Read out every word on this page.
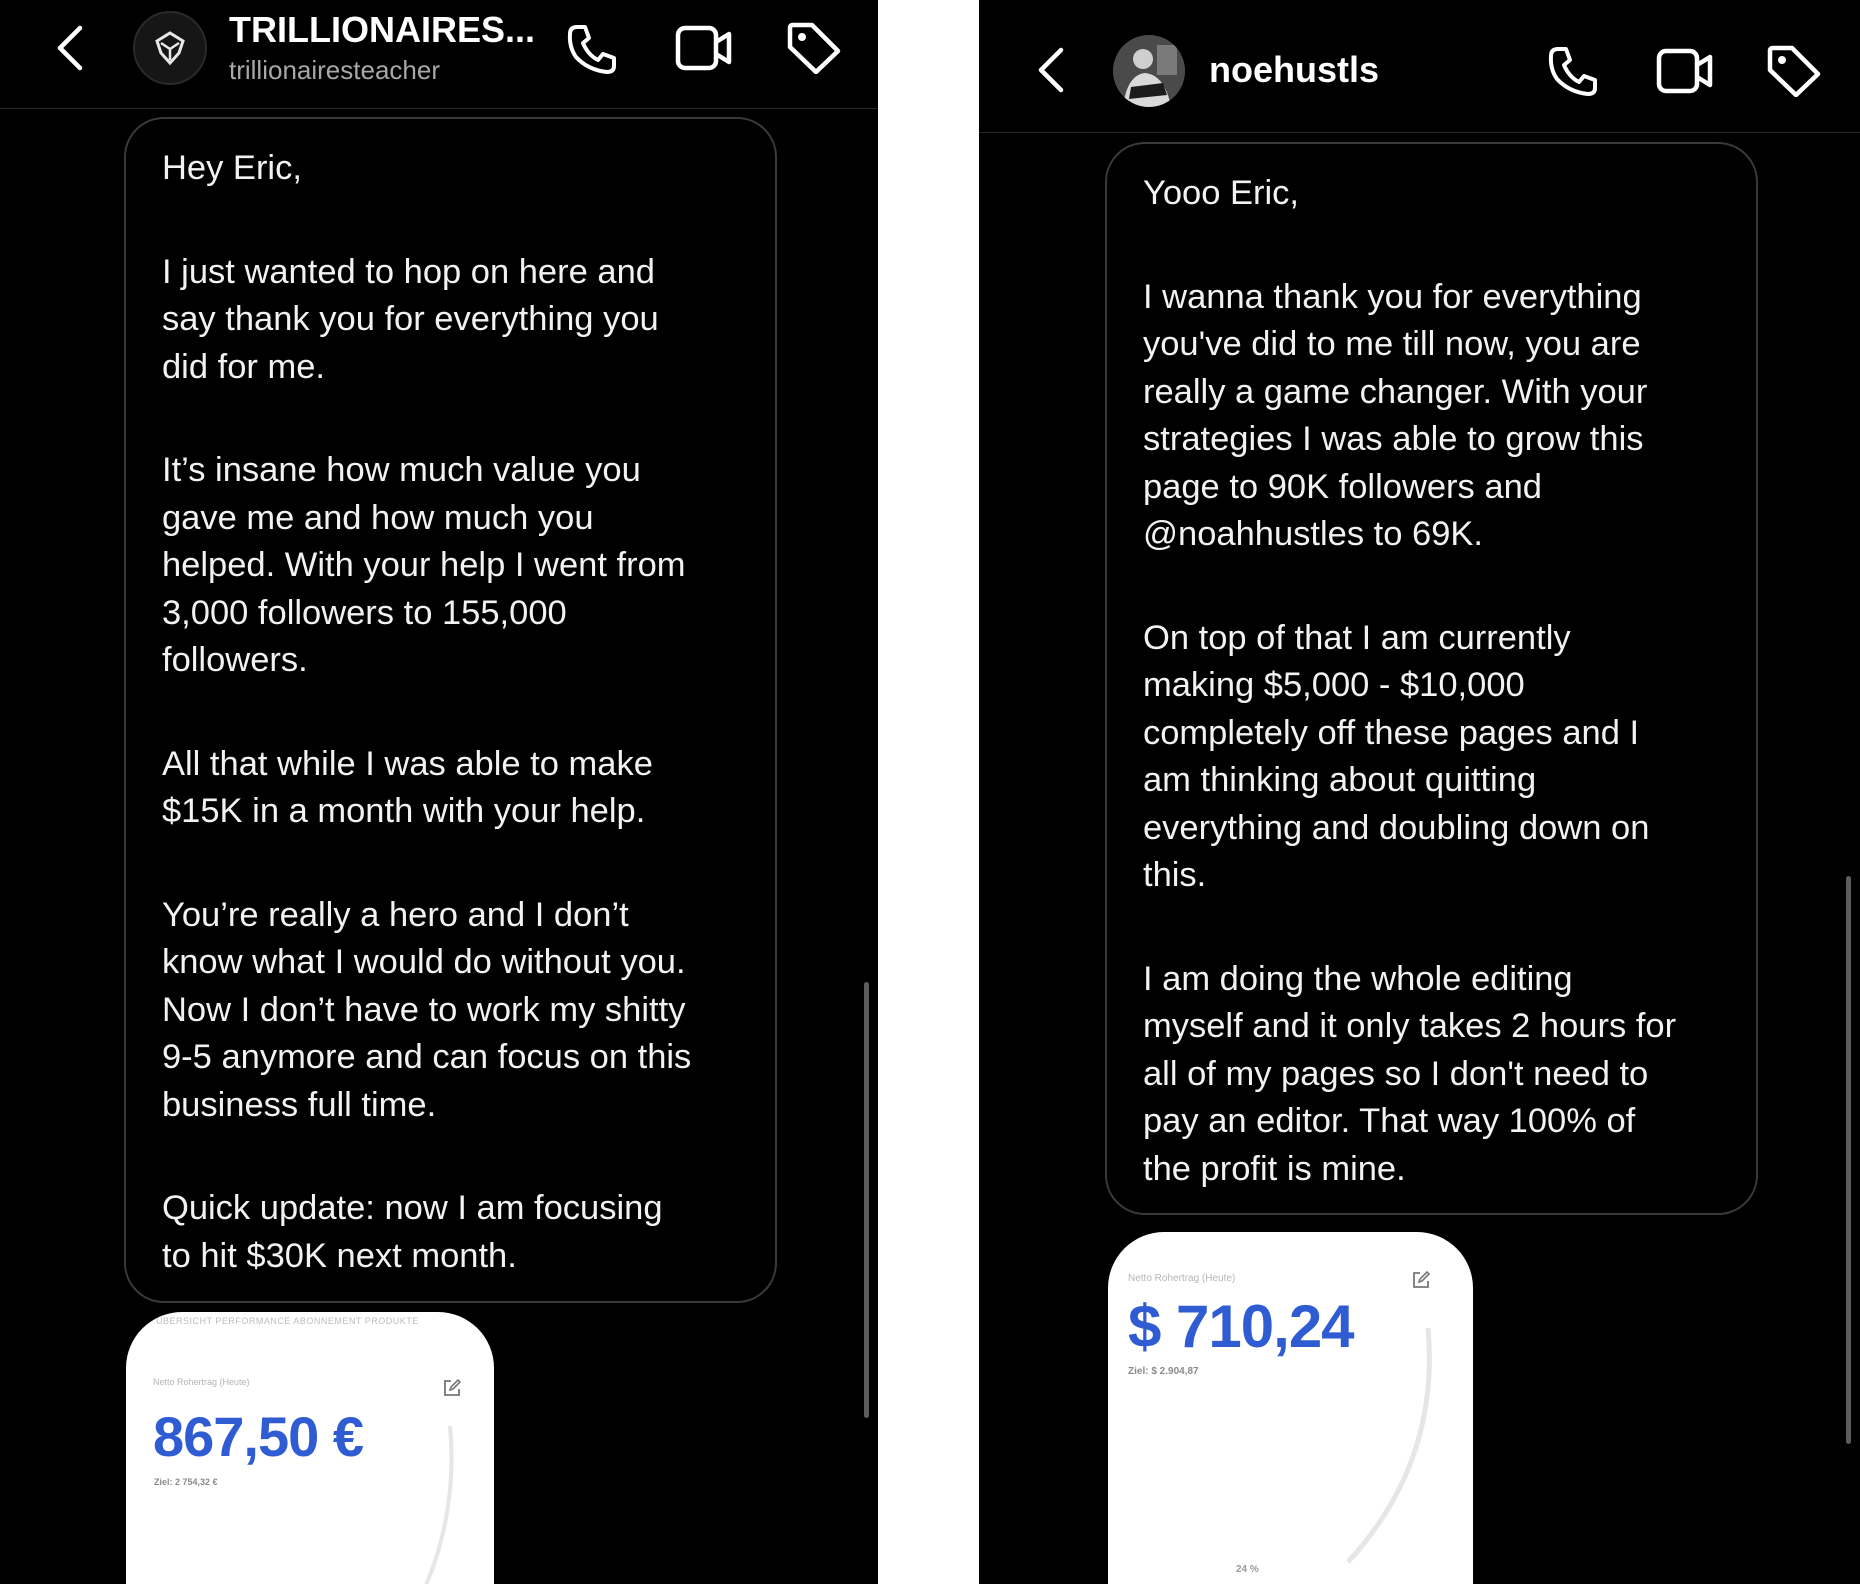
TRILLIONAIRES...
trillionairesteacher

Hey Eric,

I just wanted to hop on here and
say thank you for everything you
did for me.

It’s insane how much value you
gave me and how much you
helped. With your help I went from
3,000 followers to 155,000
followers.

All that while I was able to make
$15K in a month with your help.

You’re really a hero and I don’t
know what I would do without you.
Now I don’t have to work my shitty
9-5 anymore and can focus on this
business full time.

Quick update: now I am focusing
to hit $30K next month.

ÜBERSICHT PERFORMANCE ABONNEMENT PRODUKTE
Netto Rohertrag (Heute)
867,50 €
Ziel: 2 754,32 €
noehustls

Yooo Eric,

I wanna thank you for everything
you've did to me till now, you are
really a game changer. With your
strategies I was able to grow this
page to 90K followers and
@noahhustles to 69K.

On top of that I am currently
making $5,000 - $10,000
completely off these pages and I
am thinking about quitting
everything and doubling down on
this.

I am doing the whole editing
myself and it only takes 2 hours for
all of my pages so I don't need to
pay an editor. That way 100% of
the profit is mine.

Netto Rohertrag (Heute)
$ 710,24
Ziel: $ 2.904,87
24 %
